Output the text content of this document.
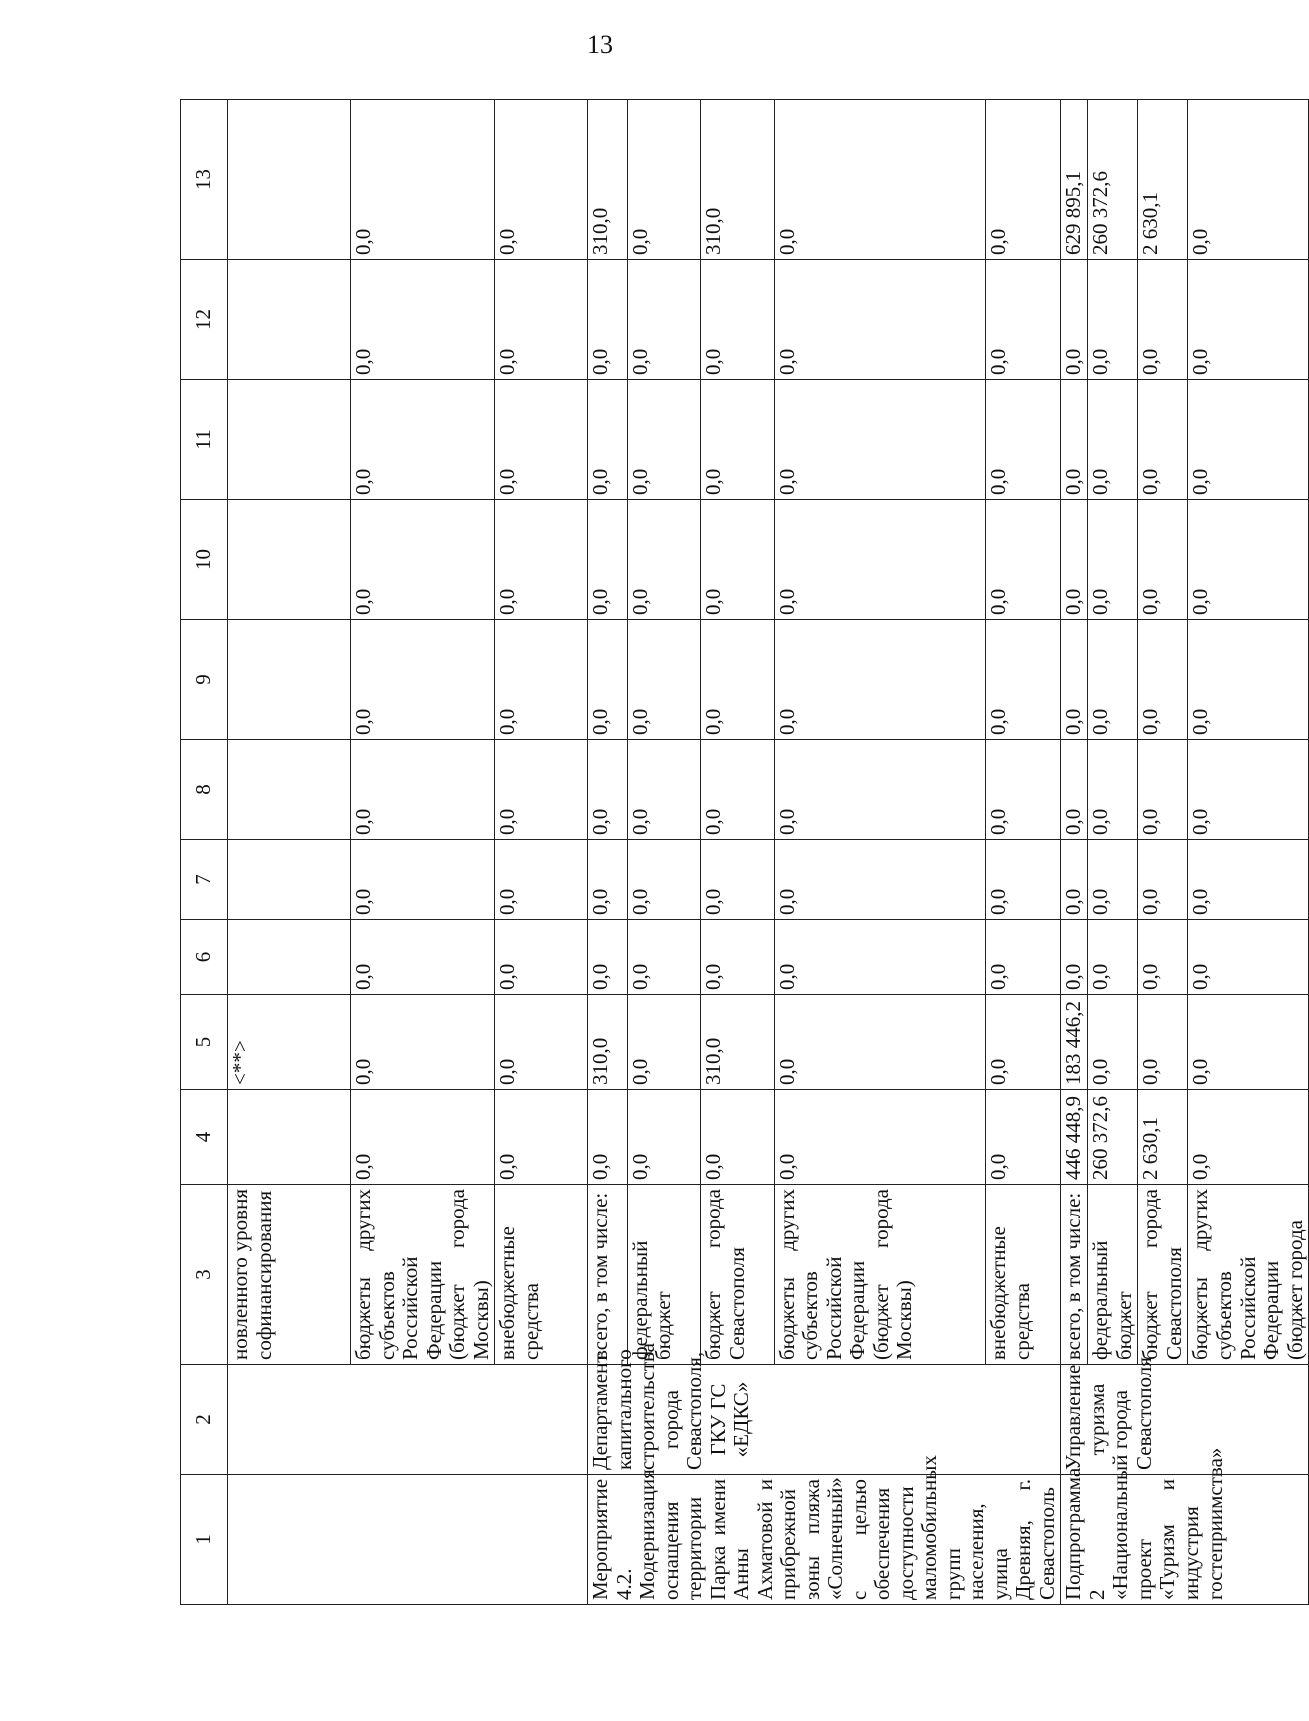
13
1	2	3	4	5	6	7	8	9	10	11	12	13
		новленного уровня софинансирования		<**>								
		бюджеты других субъектов Российской Федерации (бюджет города Москвы)	0,0	0,0	0,0	0,0	0,0	0,0	0,0	0,0	0,0	0,0
		внебюджетные средства	0,0	0,0	0,0	0,0	0,0	0,0	0,0	0,0	0,0	0,0
Мероприятие 4.2. Модернизация оснащения территории Парка имени Анны Ахматовой и прибрежной зоны пляжа «Солнечный» с целью обеспечения доступности маломобильных групп населения, улица Древняя, г. Севастополь	Департамент капитального строительства города Севастополя, ГКУ ГС «ЕДКС»	всего, в том числе:	0,0	310,0	0,0	0,0	0,0	0,0	0,0	0,0	0,0	310,0
		федеральный бюджет	0,0	0,0	0,0	0,0	0,0	0,0	0,0	0,0	0,0	0,0
		бюджет города Севастополя	0,0	310,0	0,0	0,0	0,0	0,0	0,0	0,0	0,0	310,0
		бюджеты других субъектов Российской Федерации (бюджет города Москвы)	0,0	0,0	0,0	0,0	0,0	0,0	0,0	0,0	0,0	0,0
		внебюджетные средства	0,0	0,0	0,0	0,0	0,0	0,0	0,0	0,0	0,0	0,0
Подпрограмма 2 «Национальный проект «Туризм и индустрия гостеприимства»	Управление туризма города Севастополя	всего, в том числе:	446 448,9	183 446,2	0,0	0,0	0,0	0,0	0,0	0,0	0,0	629 895,1
		федеральный бюджет	260 372,6	0,0	0,0	0,0	0,0	0,0	0,0	0,0	0,0	260 372,6
		бюджет города Севастополя	2 630,1	0,0	0,0	0,0	0,0	0,0	0,0	0,0	0,0	2 630,1
		бюджеты других субъектов Российской Федерации (бюджет города	0,0	0,0	0,0	0,0	0,0	0,0	0,0	0,0	0,0	0,0
